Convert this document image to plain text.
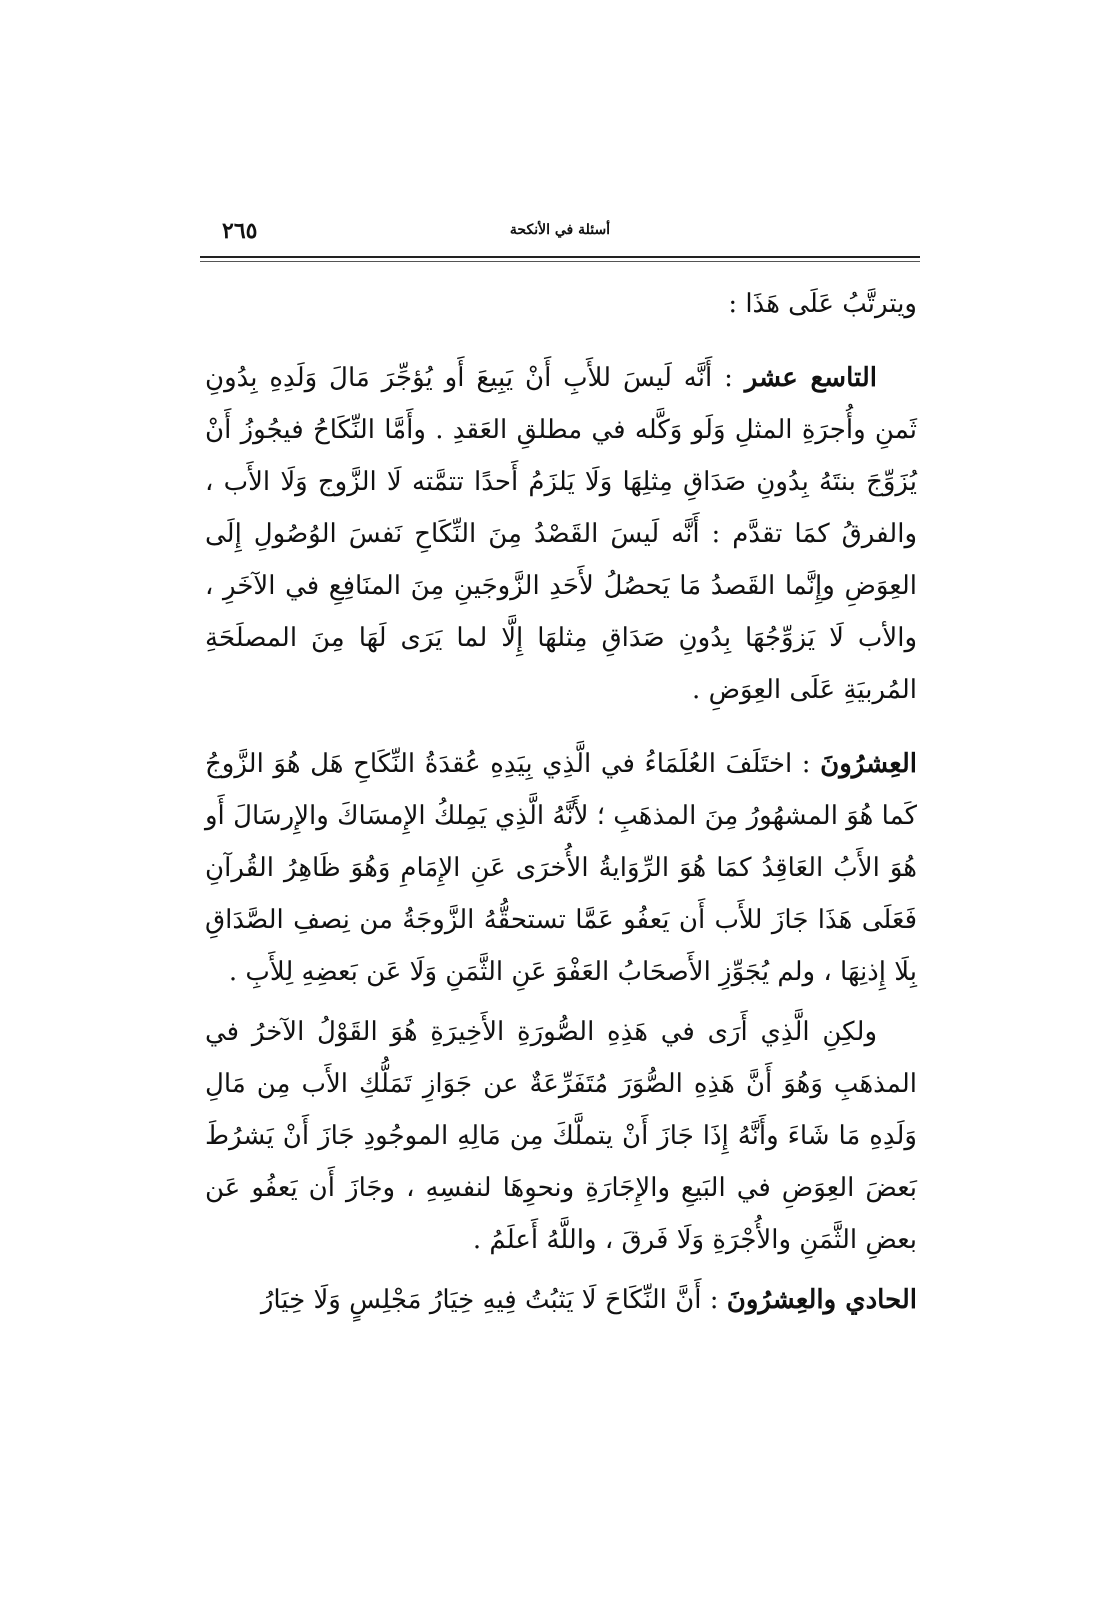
٢٦٥	أسئلة في الأنكحة

ويترتَّبُ عَلَى هَذَا :

التاسع عشر : أَنَّه لَيسَ للأَبِ أَنْ يَبِيعَ أَو يُؤجِّرَ مَالَ وَلَدِهِ بِدُونِ ثَمنِ وأُجرَةِ المثلِ وَلَو وَكَّله في مطلقِ العَقدِ . وأَمَّا النِّكَاحُ فيجُوزُ أَنْ يُزَوِّجَ بنتَهُ بِدُونِ صَدَاقِ مِثلِهَا وَلَا يَلزَمُ أَحدًا تتمَّته لَا الزَّوج وَلَا الأَب ، والفرقُ كمَا تقدَّم : أَنَّه لَيسَ القَصْدُ مِنَ النِّكَاحِ نَفسَ الوُصُولِ إِلَى العِوَضِ وإِنَّما القَصدُ مَا يَحصُلُ لأَحَدِ الزَّوجَينِ مِنَ المنَافِعِ في الآخَرِ ، والأب لَا يَزوِّجُهَا بِدُونِ صَدَاقِ مِثلهَا إِلَّا لما يَرَى لَهَا مِنَ المصلَحَةِ المُربيَةِ عَلَى العِوَضِ .

العِشرُونَ : اختَلَفَ العُلَمَاءُ في الَّذِي بِيَدِهِ عُقدَةُ النِّكَاحِ هَل هُوَ الزَّوجُ كَما هُوَ المشهُورُ مِنَ المذهَبِ ؛ لأَنَّهُ الَّذِي يَمِلكُ الإِمسَاكَ والإِرسَالَ أَو هُوَ الأَبُ العَاقِدُ كمَا هُوَ الرِّوَايةُ الأُخرَى عَنِ الإِمَامِ وَهُوَ ظَاهِرُ القُرآنِ فَعَلَى هَذَا جَازَ للأَب أَن يَعفُو عَمَّا تستحقُّهُ الزَّوجَةُ من نِصفِ الصَّدَاقِ بِلَا إِذنِهَا ، ولم يُجَوِّزِ الأَصحَابُ العَفْوَ عَنِ الثَّمَنِ وَلَا عَن بَعضِهِ لِلأَبِ .

ولكِنِ الَّذِي أَرَى في هَذِهِ الصُّورَةِ الأَخِيرَةِ هُوَ القَوْلُ الآخرُ في المذهَبِ وَهُوَ أَنَّ هَذِهِ الصُّوَرَ مُتَفَرِّعَةٌ عن جَوَازِ تَمَلُّكِ الأَب مِن مَالِ وَلَدِهِ مَا شَاءَ وأَنَّهُ إِذَا جَازَ أَنْ يتملَّكَ مِن مَالِهِ الموجُودِ جَازَ أَنْ يَشرُطَ بَعضَ العِوَضِ في البَيعِ والإِجَارَةِ ونحوِهَا لنفسِهِ ، وجَازَ أَن يَعفُو عَن بعضِ الثَّمَنِ والأُجْرَةِ وَلَا فَرقَ ، واللَّهُ أَعلَمُ .

الحادي والعِشرُونَ : أَنَّ النِّكَاحَ لَا يَثبُتُ فِيهِ خِيَارُ مَجْلِسٍ وَلَا خِيَارُ
